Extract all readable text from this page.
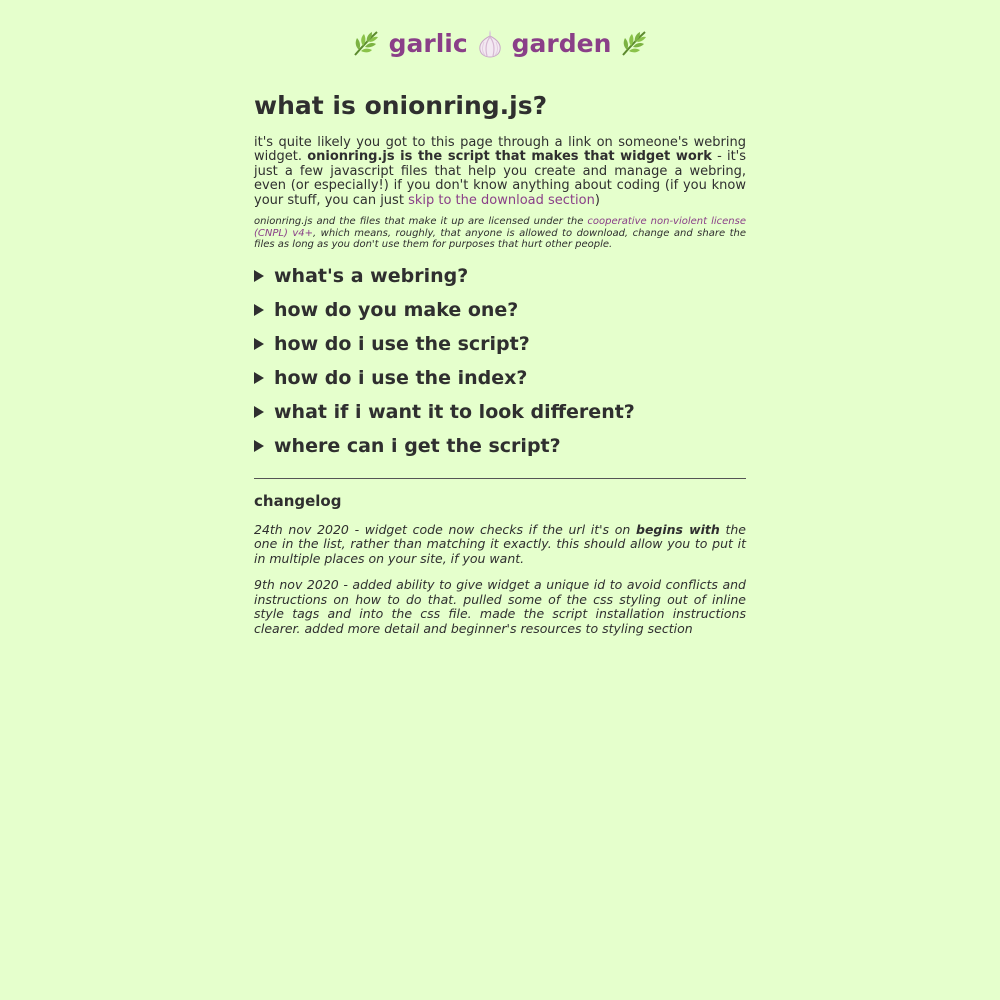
garlic garden
what is onionring.js?

it's quite likely you got to this page through a link on someone's webring widget. onionring.js is the script that makes that widget work - it's just a few javascript files that help you create and manage a webring, even (or especially!) if you don't know anything about coding (if you know your stuff, you can just skip to the download section)

onionring.js and the files that make it up are licensed under the cooperative non-violent license (CNPL) v4+, which means, roughly, that anyone is allowed to download, change and share the files as long as you don't use them for purposes that hurt other people.

what's a webring?
how do you make one?
how do i use the script?
how do i use the index?
what if i want it to look different?
where can i get the script?
changelog

24th nov 2020 - widget code now checks if the url it's on begins with the one in the list, rather than matching it exactly. this should allow you to put it in multiple places on your site, if you want.

9th nov 2020 - added ability to give widget a unique id to avoid conflicts and instructions on how to do that. pulled some of the css styling out of inline style tags and into the css file. made the script installation instructions clearer. added more detail and beginner's resources to styling section
